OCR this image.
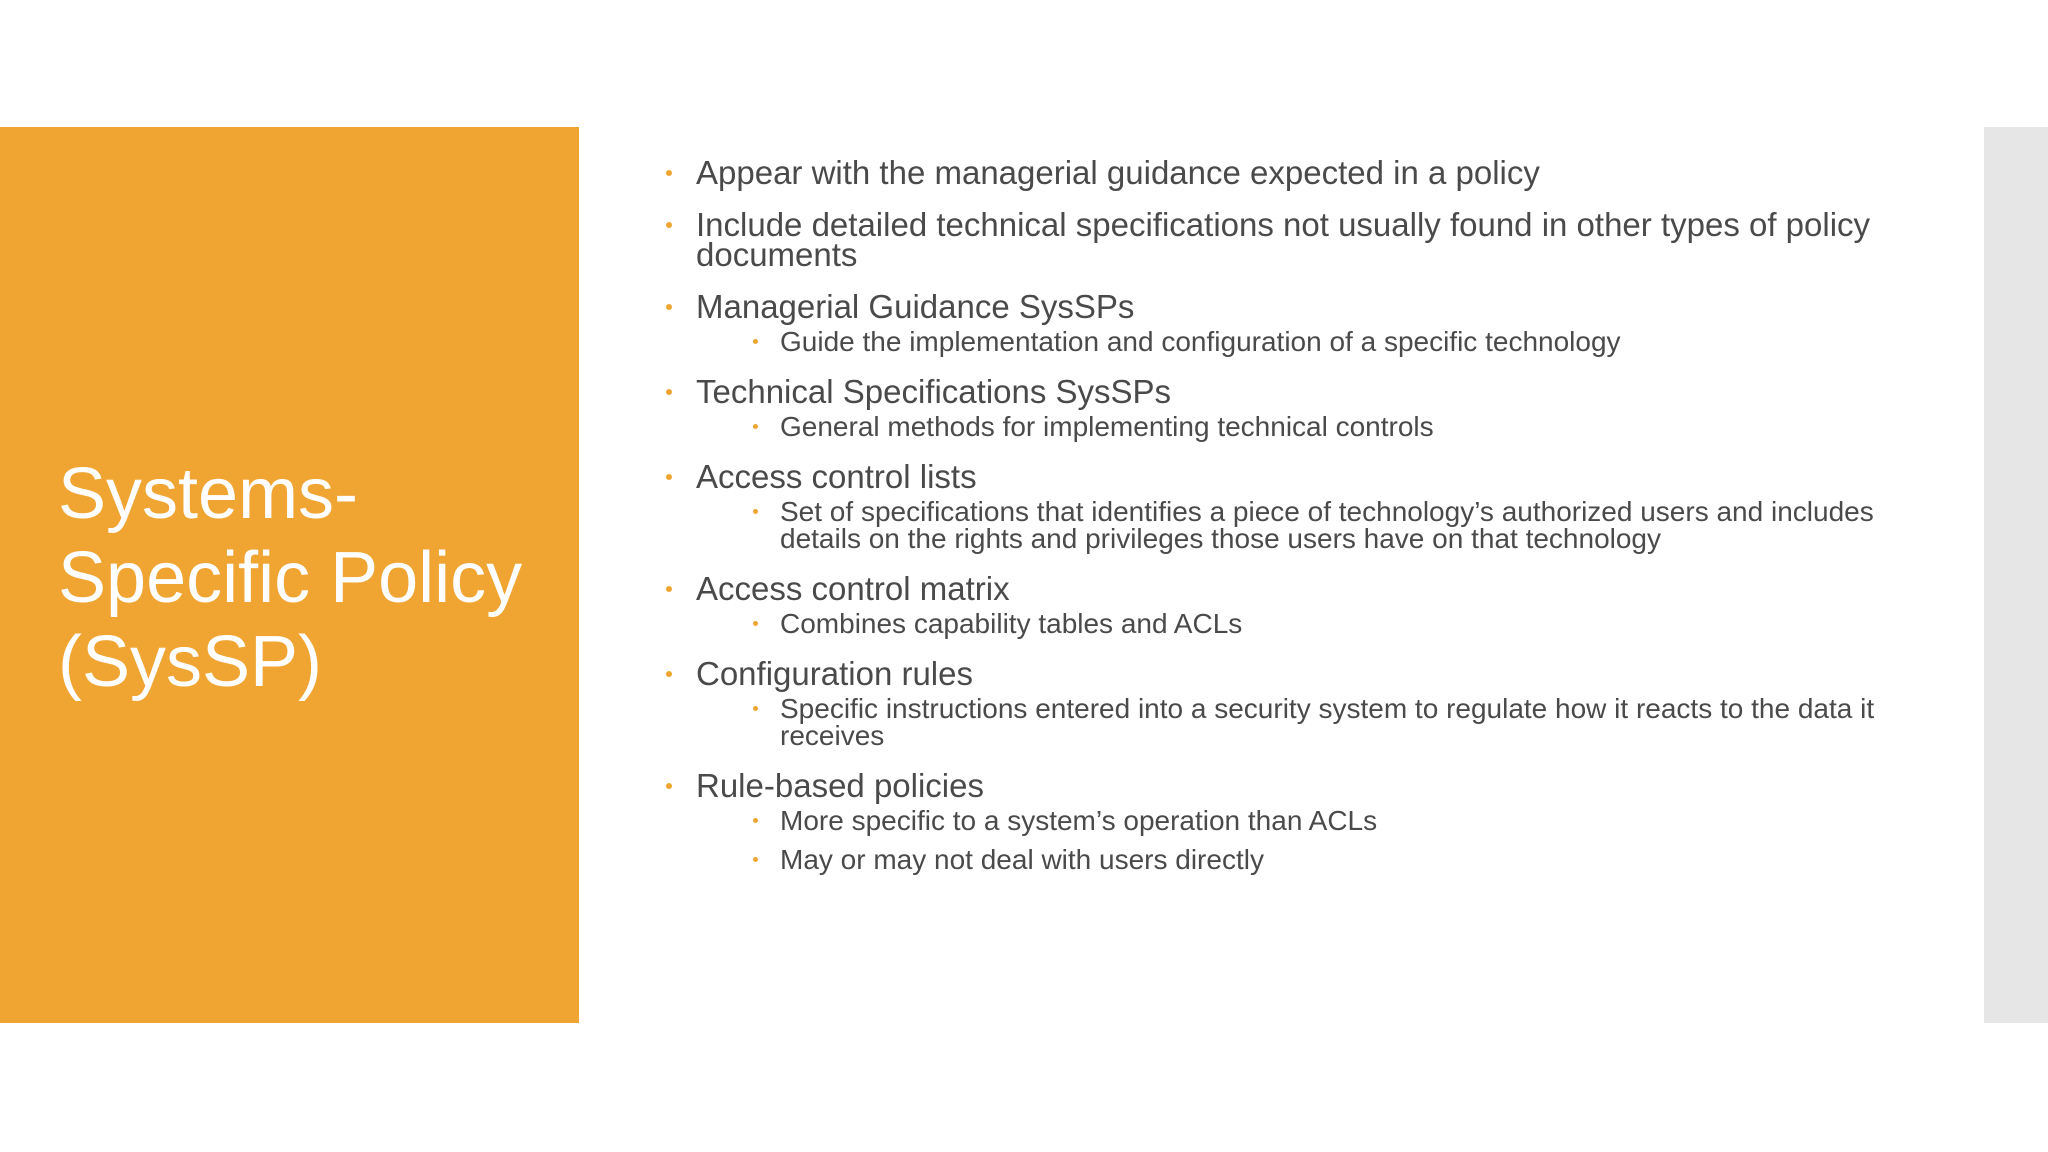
Systems-
Specific Policy
(SysSP)
Appear with the managerial guidance expected in a policy
Include detailed technical specifications not usually found in other types of policy documents
Managerial Guidance SysSPs
Guide the implementation and configuration of a specific technology
Technical Specifications SysSPs
General methods for implementing technical controls
Access control lists
Set of specifications that identifies a piece of technology’s authorized users and includes details on the rights and privileges those users have on that technology
Access control matrix
Combines capability tables and ACLs
Configuration rules
Specific instructions entered into a security system to regulate how it reacts to the data it receives
Rule-based policies
More specific to a system’s operation than ACLs
May or may not deal with users directly
